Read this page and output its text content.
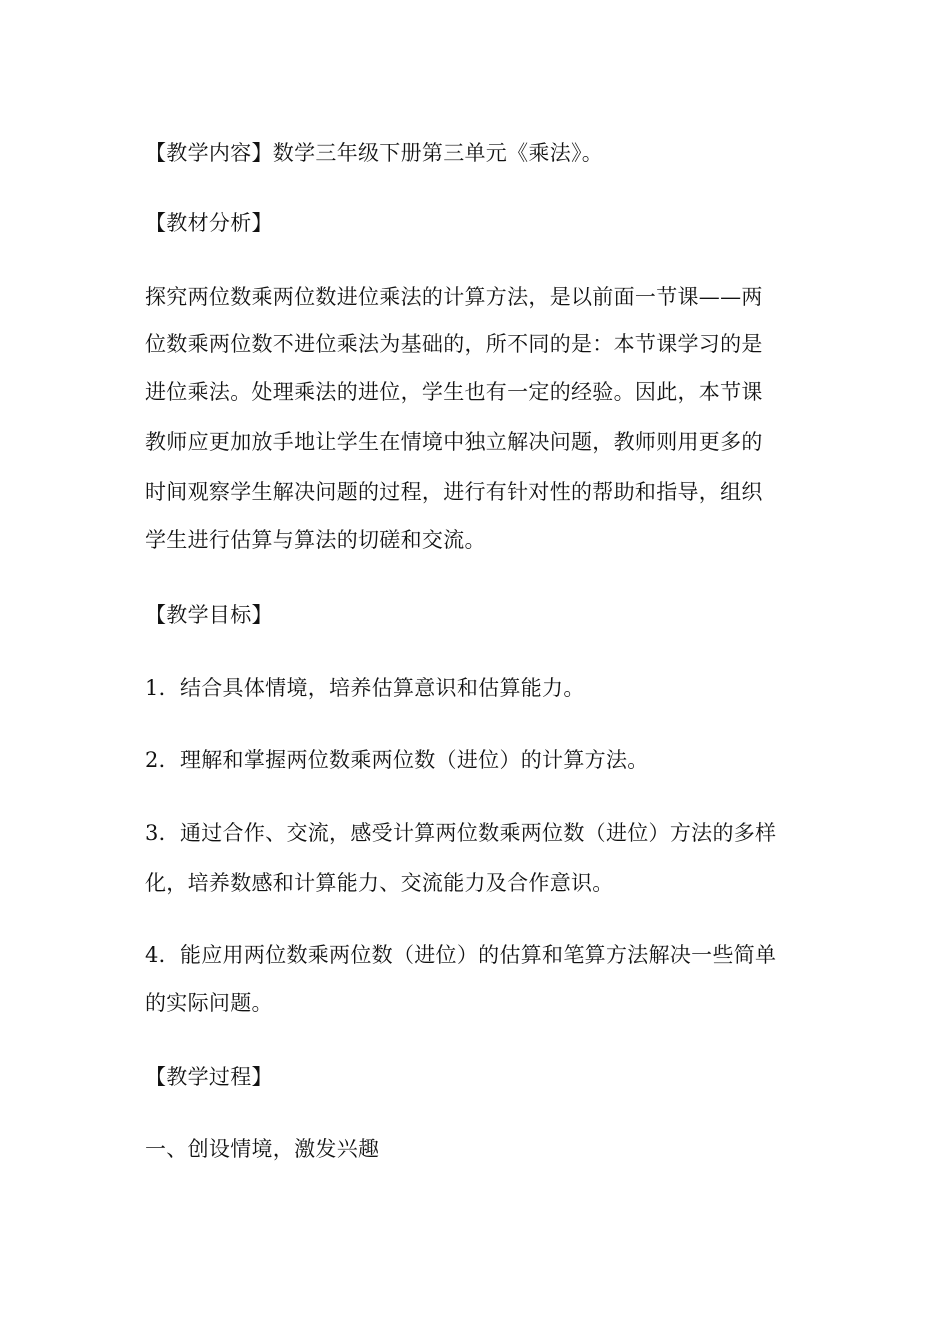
【教学内容】数学三年级下册第三单元《乘法》。
【教材分析】
探究两位数乘两位数进位乘法的计算方法，是以前面一节课——两
位数乘两位数不进位乘法为基础的，所不同的是：本节课学习的是
进位乘法。处理乘法的进位，学生也有一定的经验。因此，本节课
教师应更加放手地让学生在情境中独立解决问题，教师则用更多的
时间观察学生解决问题的过程，进行有针对性的帮助和指导，组织
学生进行估算与算法的切磋和交流。
【教学目标】
1．结合具体情境，培养估算意识和估算能力。
2．理解和掌握两位数乘两位数（进位）的计算方法。
3．通过合作、交流，感受计算两位数乘两位数（进位）方法的多样
化，培养数感和计算能力、交流能力及合作意识。
4．能应用两位数乘两位数（进位）的估算和笔算方法解决一些简单
的实际问题。
【教学过程】
一、创设情境，激发兴趣
